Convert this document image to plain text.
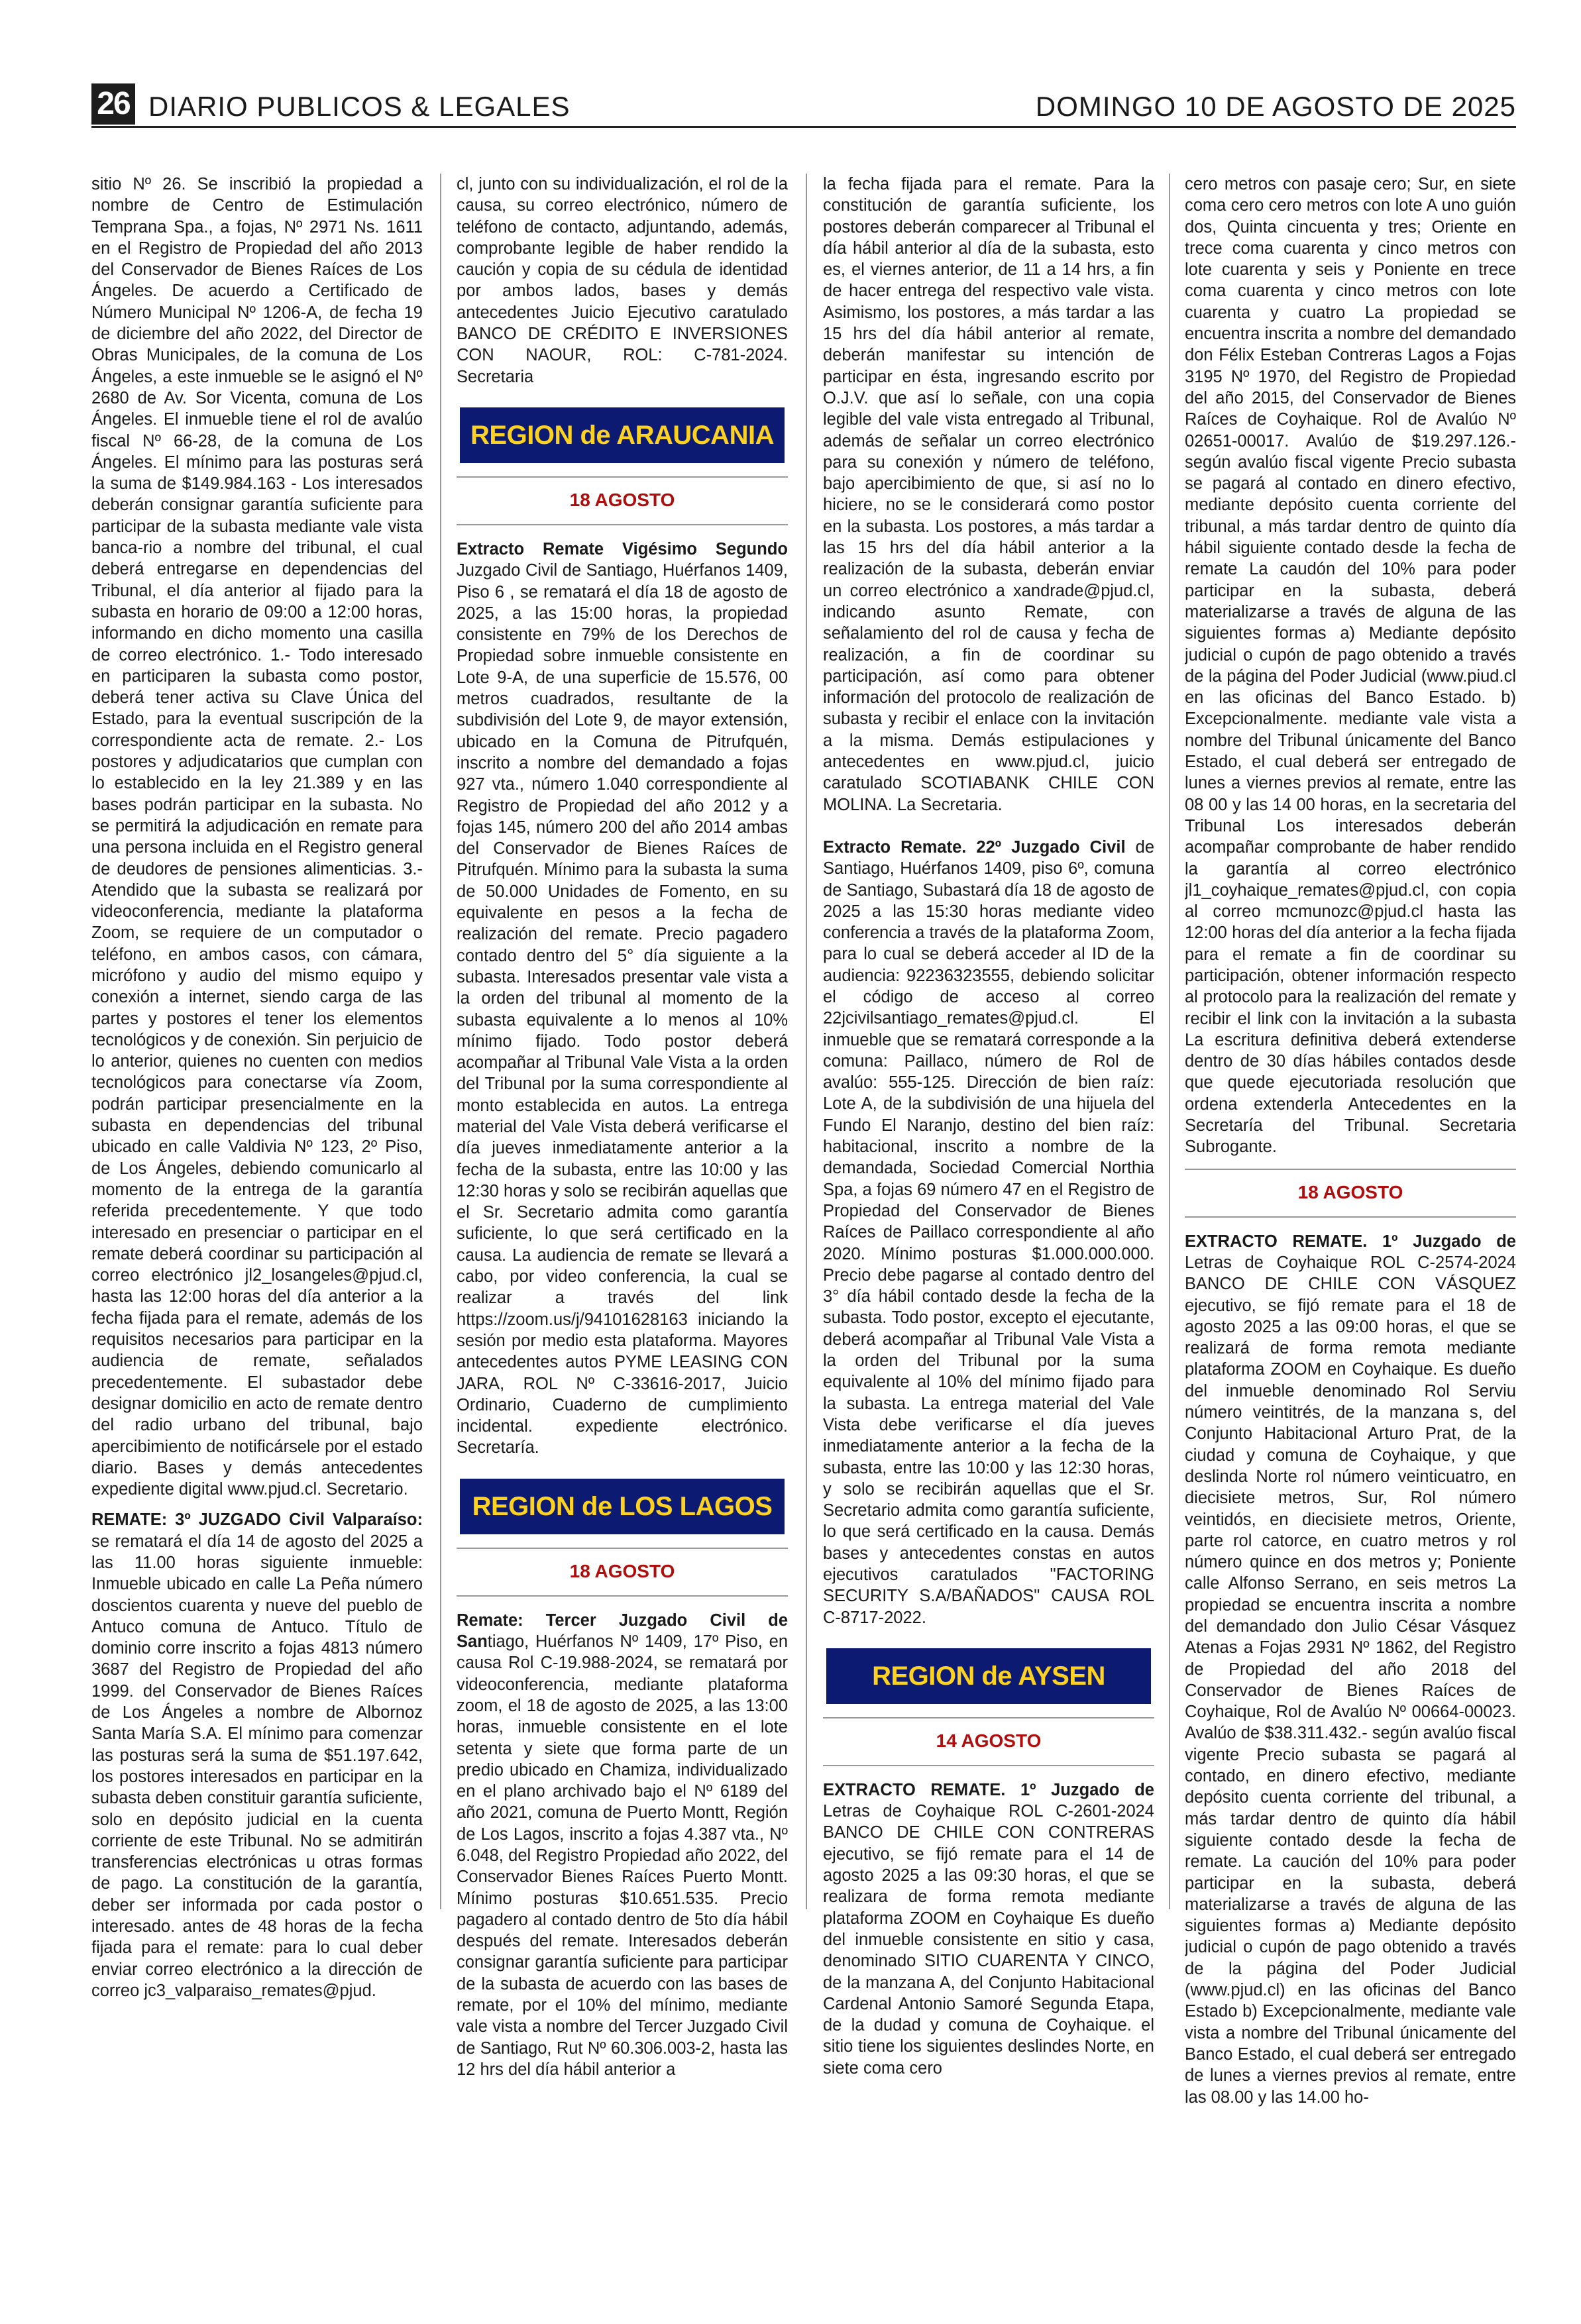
26 DIARIO PUBLICOS & LEGALES	DOMINGO 10 DE AGOSTO DE 2025

sitio Nº 26. Se inscribió la propiedad a nombre de Centro de Estimulación Temprana Spa., a fojas, Nº 2971 Ns. 1611 en el Registro de Propiedad del año 2013 del Conservador de Bienes Raíces de Los Ángeles. De acuerdo a Certificado de Número Municipal Nº 1206-A, de fecha 19 de diciembre del año 2022, del Director de Obras Municipales, de la comuna de Los Ángeles, a este inmueble se le asignó el Nº 2680 de Av. Sor Vicenta, comuna de Los Ángeles. El inmueble tiene el rol de avalúo fiscal Nº 66-28, de la comuna de Los Ángeles. El mínimo para las posturas será la suma de $149.984.163 - Los interesados deberán consignar garantía suficiente para participar de la subasta mediante vale vista banca-rio a nombre del tribunal, el cual deberá entregarse en dependencias del Tribunal, el día anterior al fijado para la subasta en horario de 09:00 a 12:00 horas, informando en dicho momento una casilla de correo electrónico. 1.- Todo interesado en participaren la subasta como postor, deberá tener activa su Clave Única del Estado, para la eventual suscripción de la correspondiente acta de remate. 2.- Los postores y adjudicatarios que cumplan con lo establecido en la ley 21.389 y en las bases podrán participar en la subasta. No se permitirá la adjudicación en remate para una persona incluida en el Registro general de deudores de pensiones alimenticias. 3.- Atendido que la subasta se realizará por videoconferencia, mediante la plataforma Zoom, se requiere de un computador o teléfono, en ambos casos, con cámara, micrófono y audio del mismo equipo y conexión a internet, siendo carga de las partes y postores el tener los elementos tecnológicos y de conexión. Sin perjuicio de lo anterior, quienes no cuenten con medios tecnológicos para conectarse vía Zoom, podrán participar presencialmente en la subasta en dependencias del tribunal ubicado en calle Valdivia Nº 123, 2º Piso, de Los Ángeles, debiendo comunicarlo al momento de la entrega de la garantía referida precedentemente. Y que todo interesado en presenciar o participar en el remate deberá coordinar su participación al correo electrónico jl2_losangeles@pjud.cl, hasta las 12:00 horas del día anterior a la fecha fijada para el remate, además de los requisitos necesarios para participar en la audiencia de remate, señalados precedentemente. El subastador debe designar domicilio en acto de remate dentro del radio urbano del tribunal, bajo apercibimiento de notificársele por el estado diario. Bases y demás antecedentes expediente digital www.pjud.cl. Secretario.

REMATE: 3º JUZGADO Civil Valparaíso: se rematará el día 14 de agosto del 2025 a las 11.00 horas siguiente inmueble: Inmueble ubicado en calle La Peña número doscientos cuarenta y nueve del pueblo de Antuco comuna de Antuco. Título de dominio corre inscrito a fojas 4813 número 3687 del Registro de Propiedad del año 1999. del Conservador de Bienes Raíces de Los Ángeles a nombre de Albornoz Santa María S.A. El mínimo para comenzar las posturas será la suma de $51.197.642, los postores interesados en participar en la subasta deben constituir garantía suficiente, solo en depósito judicial en la cuenta corriente de este Tribunal. No se admitirán transferencias electrónicas u otras formas de pago. La constitución de la garantía, deber ser informada por cada postor o interesado. antes de 48 horas de la fecha fijada para el remate: para lo cual deber enviar correo electrónico a la dirección de correo jc3_valparaiso_remates@pjud.

cl, junto con su individualización, el rol de la causa, su correo electrónico, número de teléfono de contacto, adjuntando, además, comprobante legible de haber rendido la caución y copia de su cédula de identidad por ambos lados, bases y demás antecedentes Juicio Ejecutivo caratulado BANCO DE CRÉDITO E INVERSIONES CON NAOUR, ROL: C-781-2024. Secretaria

REGION de ARAUCANIA
18 AGOSTO

Extracto Remate Vigésimo Segundo Juzgado Civil de Santiago, Huérfanos 1409, Piso 6 , se rematará el día 18 de agosto de 2025, a las 15:00 horas, la propiedad consistente en 79% de los Derechos de Propiedad sobre inmueble consistente en Lote 9-A, de una superficie de 15.576, 00 metros cuadrados, resultante de la subdivisión del Lote 9, de mayor extensión, ubicado en la Comuna de Pitrufquén, inscrito a nombre del demandado a fojas 927 vta., número 1.040 correspondiente al Registro de Propiedad del año 2012 y a fojas 145, número 200 del año 2014 ambas del Conservador de Bienes Raíces de Pitrufquén. Mínimo para la subasta la suma de 50.000 Unidades de Fomento, en su equivalente en pesos a la fecha de realización del remate. Precio pagadero contado dentro del 5° día siguiente a la subasta. Interesados presentar vale vista a la orden del tribunal al momento de la subasta equivalente a lo menos al 10% mínimo fijado. Todo postor deberá acompañar al Tribunal Vale Vista a la orden del Tribunal por la suma correspondiente al monto establecida en autos. La entrega material del Vale Vista deberá verificarse el día jueves inmediatamente anterior a la fecha de la subasta, entre las 10:00 y las 12:30 horas y solo se recibirán aquellas que el Sr. Secretario admita como garantía suficiente, lo que será certificado en la causa. La audiencia de remate se llevará a cabo, por video conferencia, la cual se realizar a través del link https://zoom.us/j/94101628163 iniciando la sesión por medio esta plataforma. Mayores antecedentes autos PYME LEASING CON JARA, ROL Nº C-33616-2017, Juicio Ordinario, Cuaderno de cumplimiento incidental. expediente electrónico. Secretaría.

REGION de LOS LAGOS
18 AGOSTO

Remate: Tercer Juzgado Civil de Santiago, Huérfanos Nº 1409, 17º Piso, en causa Rol C-19.988-2024, se rematará por videoconferencia, mediante plataforma zoom, el 18 de agosto de 2025, a las 13:00 horas, inmueble consistente en el lote setenta y siete que forma parte de un predio ubicado en Chamiza, individualizado en el plano archivado bajo el Nº 6189 del año 2021, comuna de Puerto Montt, Región de Los Lagos, inscrito a fojas 4.387 vta., Nº 6.048, del Registro Propiedad año 2022, del Conservador Bienes Raíces Puerto Montt. Mínimo posturas $10.651.535. Precio pagadero al contado dentro de 5to día hábil después del remate. Interesados deberán consignar garantía suficiente para participar de la subasta de acuerdo con las bases de remate, por el 10% del mínimo, mediante vale vista a nombre del Tercer Juzgado Civil de Santiago, Rut Nº 60.306.003-2, hasta las 12 hrs del día hábil anterior a

la fecha fijada para el remate. Para la constitución de garantía suficiente, los postores deberán comparecer al Tribunal el día hábil anterior al día de la subasta, esto es, el viernes anterior, de 11 a 14 hrs, a fin de hacer entrega del respectivo vale vista. Asimismo, los postores, a más tardar a las 15 hrs del día hábil anterior al remate, deberán manifestar su intención de participar en ésta, ingresando escrito por O.J.V. que así lo señale, con una copia legible del vale vista entregado al Tribunal, además de señalar un correo electrónico para su conexión y número de teléfono, bajo apercibimiento de que, si así no lo hiciere, no se le considerará como postor en la subasta. Los postores, a más tardar a las 15 hrs del día hábil anterior a la realización de la subasta, deberán enviar un correo electrónico a xandrade@pjud.cl, indicando asunto Remate, con señalamiento del rol de causa y fecha de realización, a fin de coordinar su participación, así como para obtener información del protocolo de realización de subasta y recibir el enlace con la invitación a la misma. Demás estipulaciones y antecedentes en www.pjud.cl, juicio caratulado SCOTIABANK CHILE CON MOLINA. La Secretaria.

Extracto Remate. 22º Juzgado Civil de Santiago, Huérfanos 1409, piso 6º, comuna de Santiago, Subastará día 18 de agosto de 2025 a las 15:30 horas mediante video conferencia a través de la plataforma Zoom, para lo cual se deberá acceder al ID de la audiencia: 92236323555, debiendo solicitar el código de acceso al correo 22jcivilsantiago_remates@pjud.cl. El inmueble que se rematará corresponde a la comuna: Paillaco, número de Rol de avalúo: 555-125. Dirección de bien raíz: Lote A, de la subdivisión de una hijuela del Fundo El Naranjo, destino del bien raíz: habitacional, inscrito a nombre de la demandada, Sociedad Comercial Northia Spa, a fojas 69 número 47 en el Registro de Propiedad del Conservador de Bienes Raíces de Paillaco correspondiente al año 2020. Mínimo posturas $1.000.000.000. Precio debe pagarse al contado dentro del 3° día hábil contado desde la fecha de la subasta. Todo postor, excepto el ejecutante, deberá acompañar al Tribunal Vale Vista a la orden del Tribunal por la suma equivalente al 10% del mínimo fijado para la subasta. La entrega material del Vale Vista debe verificarse el día jueves inmediatamente anterior a la fecha de la subasta, entre las 10:00 y las 12:30 horas, y solo se recibirán aquellas que el Sr. Secretario admita como garantía suficiente, lo que será certificado en la causa. Demás bases y antecedentes constas en autos ejecutivos caratulados "FACTORING SECURITY S.A/BAÑADOS" CAUSA ROL C-8717-2022.

REGION de AYSEN
14 AGOSTO

EXTRACTO REMATE. 1º Juzgado de Letras de Coyhaique ROL C-2601-2024 BANCO DE CHILE CON CONTRERAS ejecutivo, se fijó remate para el 14 de agosto 2025 a las 09:30 horas, el que se realizara de forma remota mediante plataforma ZOOM en Coyhaique Es dueño del inmueble consistente en sitio y casa, denominado SITIO CUARENTA Y CINCO, de la manzana A, del Conjunto Habitacional Cardenal Antonio Samoré Segunda Etapa, de la dudad y comuna de Coyhaique. el sitio tiene los siguientes deslindes Norte, en siete coma cero

cero metros con pasaje cero; Sur, en siete coma cero cero metros con lote A uno guión dos, Quinta cincuenta y tres; Oriente en trece coma cuarenta y cinco metros con lote cuarenta y seis y Poniente en trece coma cuarenta y cinco metros con lote cuarenta y cuatro La propiedad se encuentra inscrita a nombre del demandado don Félix Esteban Contreras Lagos a Fojas 3195 Nº 1970, del Registro de Propiedad del año 2015, del Conservador de Bienes Raíces de Coyhaique. Rol de Avalúo Nº 02651-00017. Avalúo de $19.297.126.- según avalúo fiscal vigente Precio subasta se pagará al contado en dinero efectivo, mediante depósito cuenta corriente del tribunal, a más tardar dentro de quinto día hábil siguiente contado desde la fecha de remate La caudón del 10% para poder participar en la subasta, deberá materializarse a través de alguna de las siguientes formas a) Mediante depósito judicial o cupón de pago obtenido a través de la página del Poder Judicial (www.piud.cl en las oficinas del Banco Estado. b) Excepcionalmente. mediante vale vista a nombre del Tribunal únicamente del Banco Estado, el cual deberá ser entregado de lunes a viernes previos al remate, entre las 08 00 y las 14 00 horas, en la secretaria del Tribunal Los interesados deberán acompañar comprobante de haber rendido la garantía al correo electrónico jl1_coyhaique_remates@pjud.cl, con copia al correo mcmunozc@pjud.cl hasta las 12:00 horas del día anterior a la fecha fijada para el remate a fin de coordinar su participación, obtener información respecto al protocolo para la realización del remate y recibir el link con la invitación a la subasta La escritura definitiva deberá extenderse dentro de 30 días hábiles contados desde que quede ejecutoriada resolución que ordena extenderla Antecedentes en la Secretaría del Tribunal. Secretaria Subrogante.

18 AGOSTO

EXTRACTO REMATE. 1º Juzgado de Letras de Coyhaique ROL C-2574-2024 BANCO DE CHILE CON VÁSQUEZ ejecutivo, se fijó remate para el 18 de agosto 2025 a las 09:00 horas, el que se realizará de forma remota mediante plataforma ZOOM en Coyhaique. Es dueño del inmueble denominado Rol Serviu número veintitrés, de la manzana s, del Conjunto Habitacional Arturo Prat, de la ciudad y comuna de Coyhaique, y que deslinda Norte rol número veinticuatro, en diecisiete metros, Sur, Rol número veintidós, en diecisiete metros, Oriente, parte rol catorce, en cuatro metros y rol número quince en dos metros y; Poniente calle Alfonso Serrano, en seis metros La propiedad se encuentra inscrita a nombre del demandado don Julio César Vásquez Atenas a Fojas 2931 Nº 1862, del Registro de Propiedad del año 2018 del Conservador de Bienes Raíces de Coyhaique, Rol de Avalúo Nº 00664-00023. Avalúo de $38.311.432.- según avalúo fiscal vigente Precio subasta se pagará al contado, en dinero efectivo, mediante depósito cuenta corriente del tribunal, a más tardar dentro de quinto día hábil siguiente contado desde la fecha de remate. La caución del 10% para poder participar en la subasta, deberá materializarse a través de alguna de las siguientes formas a) Mediante depósito judicial o cupón de pago obtenido a través de la página del Poder Judicial (www.pjud.cl) en las oficinas del Banco Estado b) Excepcionalmente, mediante vale vista a nombre del Tribunal únicamente del Banco Estado, el cual deberá ser entregado de lunes a viernes previos al remate, entre las 08.00 y las 14.00 ho-
